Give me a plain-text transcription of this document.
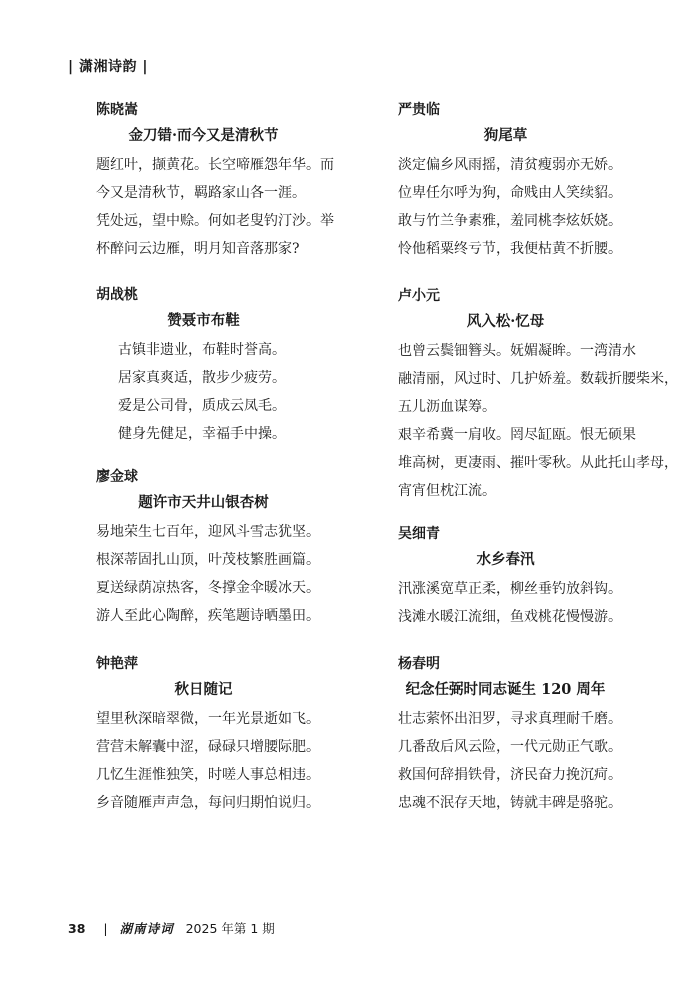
| 潇湘诗韵 |
陈晓嵩
金刀错·而今又是清秋节
题红叶，撷黄花。长空啼雁怨年华。而
今又是清秋节，羁路家山各一涯。
凭处远，望中赊。何如老叟钓汀沙。举
杯醉问云边雁，明月知音落那家?
胡战桃
赞聂市布鞋
古镇非遗业，布鞋时誉高。
居家真爽适，散步少疲劳。
爱是公司骨，质成云凤毛。
健身先健足，幸福手中操。
廖金球
题许市天井山银杏树
易地荣生七百年，迎风斗雪志犹坚。
根深蒂固扎山顶，叶茂枝繁胜画篇。
夏送绿荫凉热客，冬撑金伞暖冰天。
游人至此心陶醉，疾笔题诗晒墨田。
钟艳萍
秋日随记
望里秋深暗翠微，一年光景逝如飞。
营营未解囊中涩，碌碌只增腰际肥。
几忆生涯惟独笑，时嗟人事总相违。
乡音随雁声声急，每问归期怕说归。
严贵临
狗尾草
淡定偏乡风雨摇，清贫瘦弱亦无娇。
位卑任尔呼为狗，命贱由人笑续貂。
敢与竹兰争素雅，羞同桃李炫妖娆。
怜他稻粟终亏节，我便枯黄不折腰。
卢小元
风入松·忆母
也曾云鬓钿簪头。妩媚凝眸。一湾清水
融清丽，风过时、几护娇羞。数载折腰柴米，
五儿沥血谋筹。
艰辛希冀一肩收。罔尽缸瓯。恨无硕果
堆高树，更凄雨、摧叶零秋。从此托山孝母，
宵宵但枕江流。
吴细青
水乡春汛
汛涨溪宽草正柔，柳丝垂钓放斜钩。
浅滩水暖江流细，鱼戏桃花慢慢游。
杨春明
纪念任弼时同志诞生 120 周年
壮志萦怀出汨罗，寻求真理耐千磨。
几番敌后风云险，一代元勋正气歌。
救国何辞捐铁骨，济民奋力挽沉疴。
忠魂不泯存天地，铸就丰碑是骆驼。
38 | 湖南诗词 2025 年第 1 期
